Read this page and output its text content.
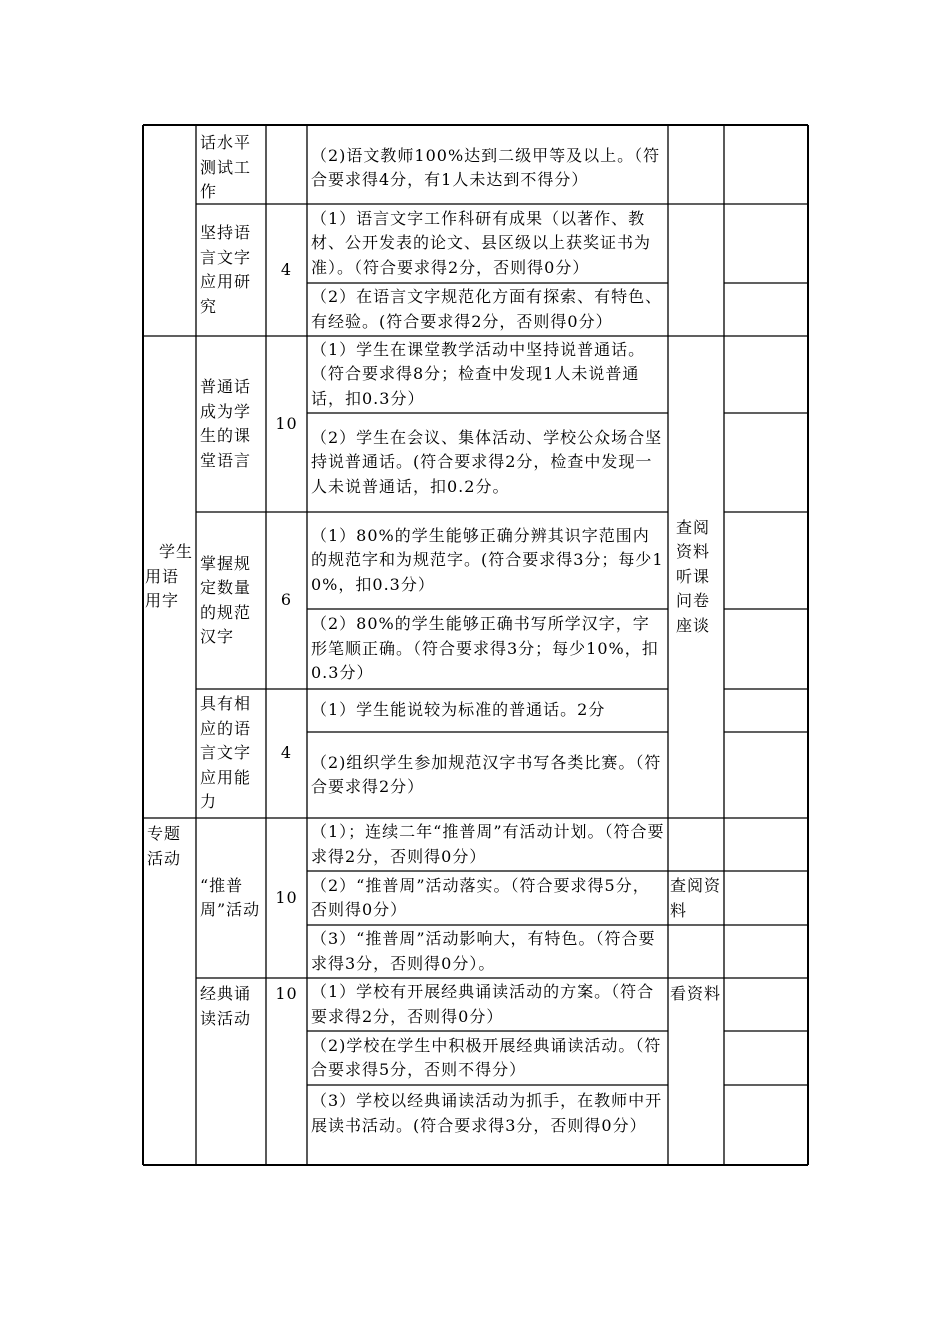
话水平测试工作
（2)语文教师100%达到二级甲等及以上。（符合要求得4分，有1人未达到不得分）
坚持语言文字应用研究
4
（1）语言文字工作科研有成果（以著作、教材、公开发表的论文、县区级以上获奖证书为准）。（符合要求得2分，否则得0分）
（2）在语言文字规范化方面有探索、有特色、有经验。(符合要求得2分，否则得0分）
学生用语用字
查阅资料听课问卷座谈
普通话成为学生的课堂语言
10
（1）学生在课堂教学活动中坚持说普通话。（符合要求得8分；检查中发现1人未说普通话，扣0.3分）
（2）学生在会议、集体活动、学校公众场合坚持说普通话。(符合要求得2分，检查中发现一人未说普通话，扣0.2分。
掌握规定数量的规范汉字
6
（1）80%的学生能够正确分辨其识字范围内的规范字和为规范字。(符合要求得3分；每少10%，扣0.3分）
（2）80%的学生能够正确书写所学汉字，字形笔顺正确。（符合要求得3分；每少10%，扣0.3分）
具有相应的语言文字应用能力
4
（1）学生能说较为标准的普通话。2分
（2)组织学生参加规范汉字书写各类比赛。（符合要求得2分）
专题活动
“推普周”活动
10
（1）；连续二年“推普周”有活动计划。（符合要求得2分，否则得0分）
（2）“推普周”活动落实。（符合要求得5分，否则得0分）
（3）“推普周”活动影响大，有特色。（符合要求得3分，否则得0分）。
查阅资料
经典诵读活动
10 （1）学校有开展经典诵读活动的方案。（符合要求得2分，否则得0分）
（2)学校在学生中积极开展经典诵读活动。（符合要求得5分，否则不得分）
（3）学校以经典诵读活动为抓手，在教师中开展读书活动。(符合要求得3分，否则得0分）
看资料
